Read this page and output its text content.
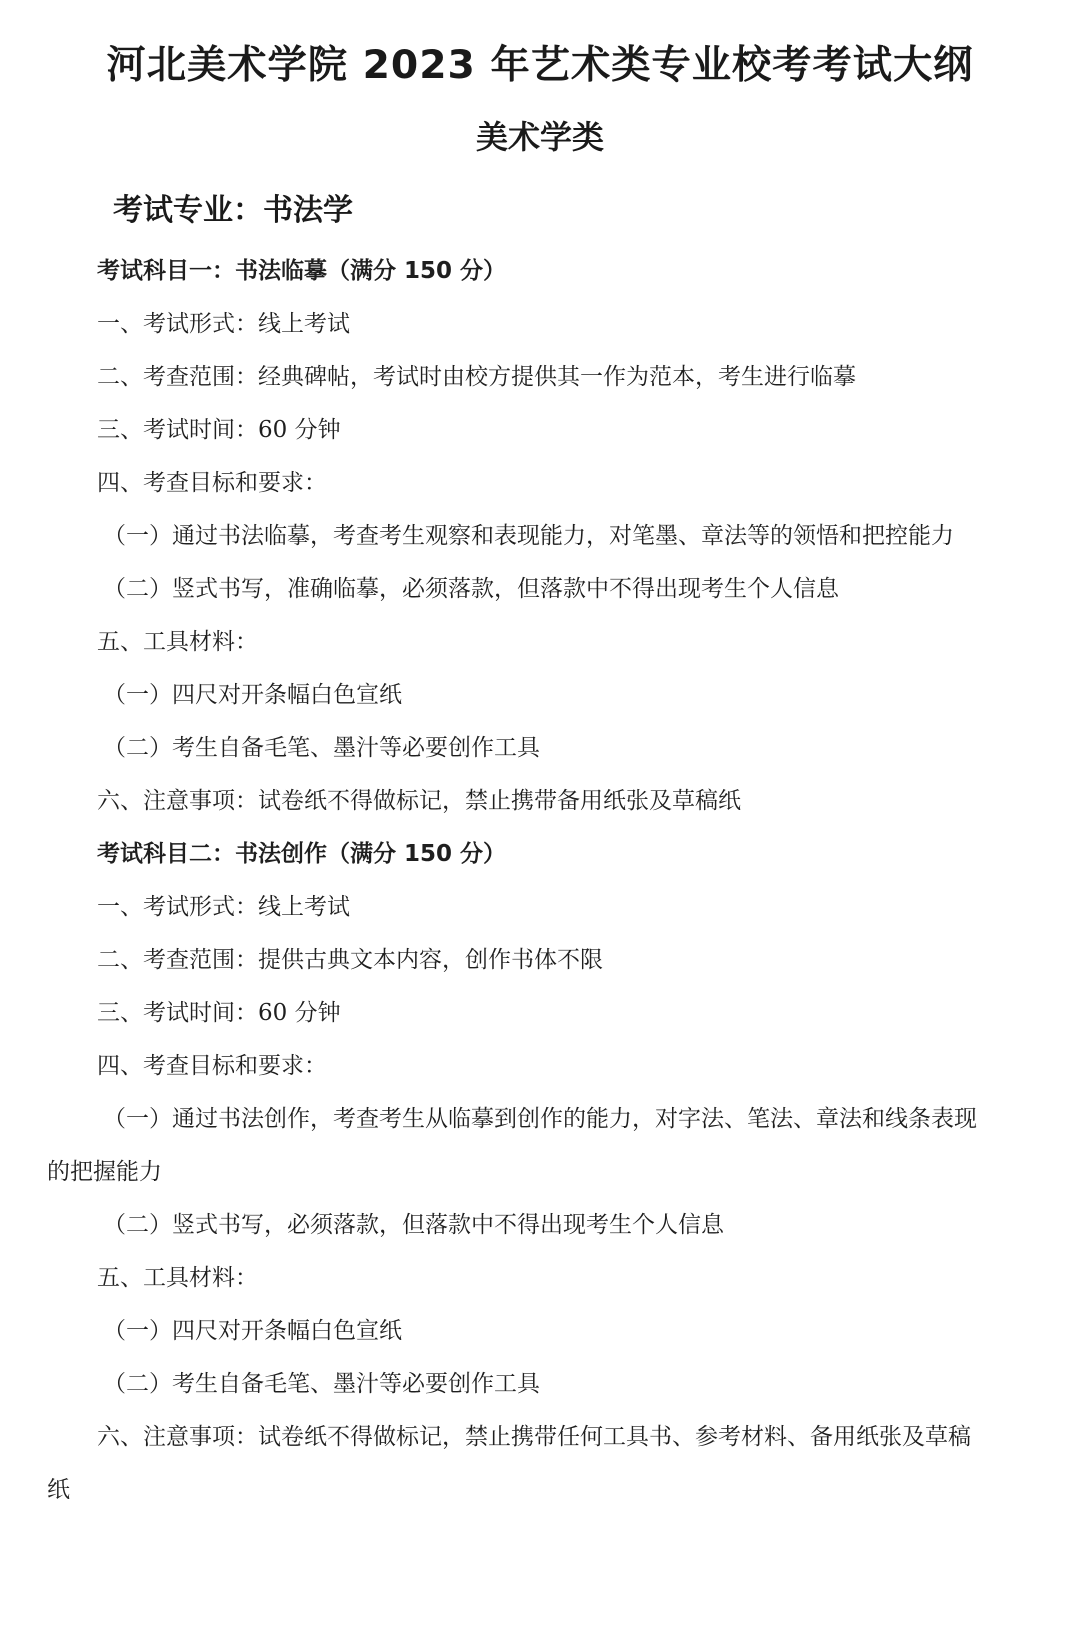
河北美术学院 2023 年艺术类专业校考考试大纲
美术学类
考试专业：书法学
考试科目一：书法临摹（满分 150 分）
一、考试形式：线上考试
二、考查范围：经典碑帖，考试时由校方提供其一作为范本，考生进行临摹
三、考试时间：60 分钟
四、考查目标和要求：
（一）通过书法临摹，考查考生观察和表现能力，对笔墨、章法等的领悟和把控能力
（二）竖式书写，准确临摹，必须落款，但落款中不得出现考生个人信息
五、工具材料：
（一）四尺对开条幅白色宣纸
（二）考生自备毛笔、墨汁等必要创作工具
六、注意事项：试卷纸不得做标记，禁止携带备用纸张及草稿纸
考试科目二：书法创作（满分 150 分）
一、考试形式：线上考试
二、考查范围：提供古典文本内容，创作书体不限
三、考试时间：60 分钟
四、考查目标和要求：
（一）通过书法创作，考查考生从临摹到创作的能力，对字法、笔法、章法和线条表现
的把握能力
（二）竖式书写，必须落款，但落款中不得出现考生个人信息
五、工具材料：
（一）四尺对开条幅白色宣纸
（二）考生自备毛笔、墨汁等必要创作工具
六、注意事项：试卷纸不得做标记，禁止携带任何工具书、参考材料、备用纸张及草稿
纸
